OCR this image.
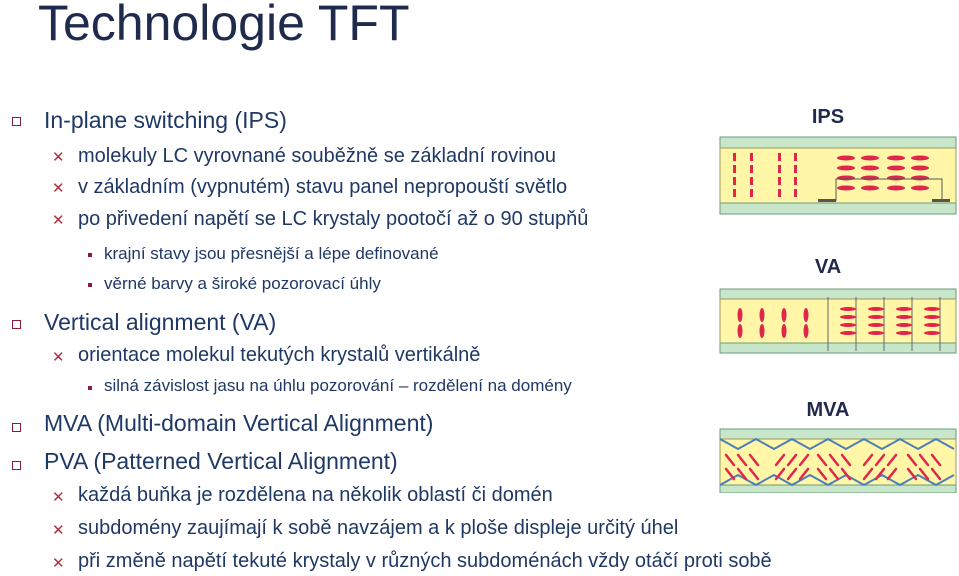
Technologie TFT
In-plane switching (IPS)
✕ molekuly LC vyrovnané souběžně se základní rovinou
✕ v základním (vypnutém) stavu panel nepropouští světlo
✕ po přivedení napětí se LC krystaly pootočí až o 90 stupňů
krajní stavy jsou přesnější a lépe definované
věrné barvy a široké pozorovací úhly
Vertical alignment (VA)
✕ orientace molekul tekutých krystalů vertikálně
silná závislost jasu na úhlu pozorování – rozdělení na domény
MVA (Multi-domain Vertical Alignment)
PVA (Patterned Vertical Alignment)
✕ každá buňka je rozdělena na několik oblastí či domén
✕ subdomény zaujímají k sobě navzájem a k ploše displeje určitý úhel
✕ při změně napětí tekuté krystaly v různých subdoménách vždy otáčí proti sobě
IPS
VA
MVA
